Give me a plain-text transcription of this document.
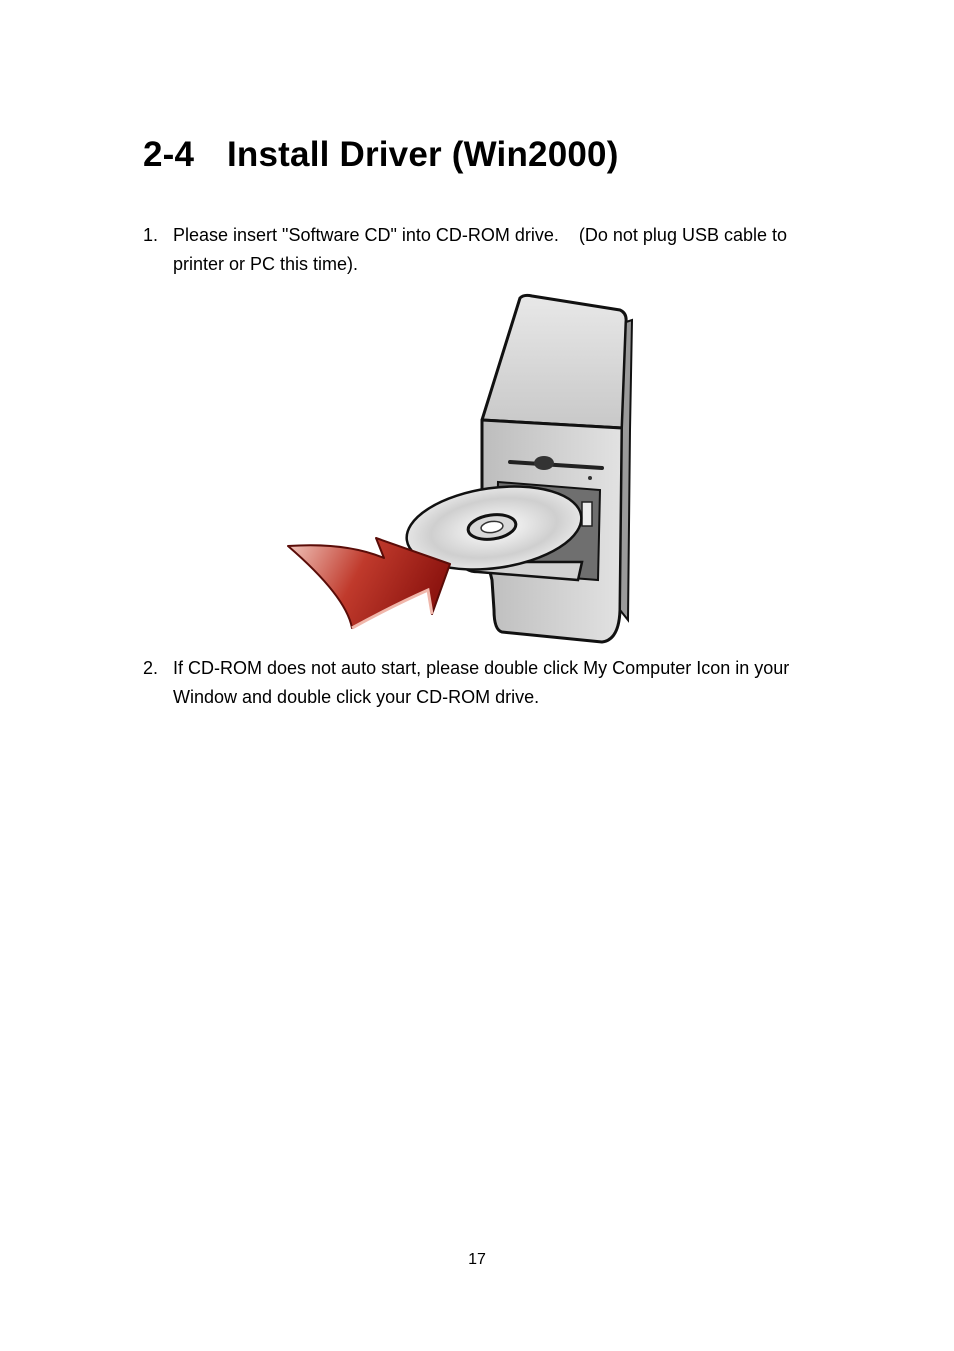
2-4 Install Driver (Win2000)
1. Please insert "Software CD" into CD-ROM drive.    (Do not plug USB cable to printer or PC this time).
2. If CD-ROM does not auto start, please double click My Computer Icon in your Window and double click your CD-ROM drive.
17
